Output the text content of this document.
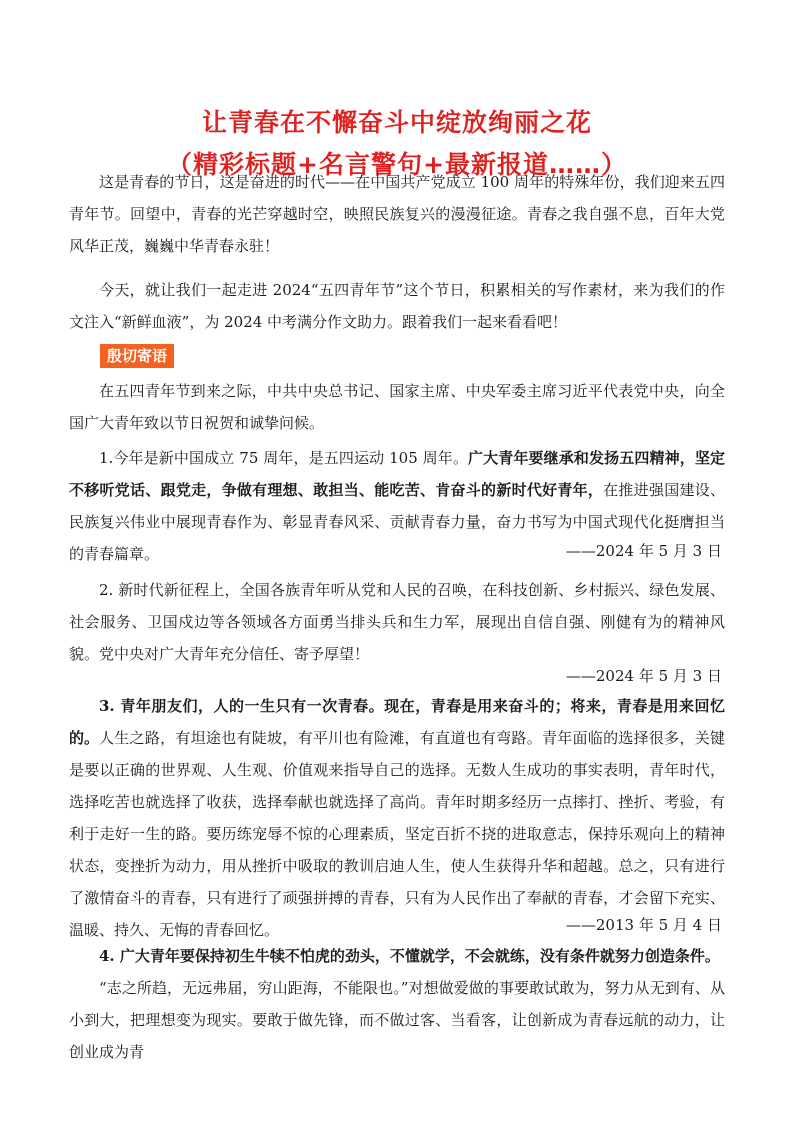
让青春在不懈奋斗中绽放绚丽之花
（精彩标题+名言警句+最新报道……）

这是青春的节日，这是奋进的时代——在中国共产党成立 100 周年的特殊年份，我们迎来五四青年节。回望中，青春的光芒穿越时空，映照民族复兴的漫漫征途。青春之我自强不息，百年大党风华正茂，巍巍中华青春永驻！

今天，就让我们一起走进 2024“五四青年节”这个节日，积累相关的写作素材，来为我们的作文注入“新鲜血液”，为 2024 中考满分作文助力。跟着我们一起来看看吧！

殷切寄语

在五四青年节到来之际，中共中央总书记、国家主席、中央军委主席习近平代表党中央，向全国广大青年致以节日祝贺和诚挚问候。

1.今年是新中国成立 75 周年，是五四运动 105 周年。广大青年要继承和发扬五四精神，坚定不移听党话、跟党走，争做有理想、敢担当、能吃苦、肯奋斗的新时代好青年，在推进强国建设、民族复兴伟业中展现青春作为、彰显青春风采、贡献青春力量，奋力书写为中国式现代化挺膺担当的青春篇章。	——2024 年 5 月 3 日

2. 新时代新征程上，全国各族青年听从党和人民的召唤，在科技创新、乡村振兴、绿色发展、社会服务、卫国戍边等各领域各方面勇当排头兵和生力军，展现出自信自强、刚健有为的精神风貌。党中央对广大青年充分信任、寄予厚望！

——2024 年 5 月 3 日

3. 青年朋友们，人的一生只有一次青春。现在，青春是用来奋斗的；将来，青春是用来回忆的。 人生之路，有坦途也有陡坡，有平川也有险滩，有直道也有弯路。青年面临的选择很多，关键是要以正确的世界观、人生观、价值观来指导自己的选择。无数人生成功的事实表明，青年时代，选择吃苦也就选择了收获，选择奉献也就选择了高尚。青年时期多经历一点摔打、挫折、考验，有利于走好一生的路。要历练宠辱不惊的心理素质，坚定百折不挠的进取意志，保持乐观向上的精神状态，变挫折为动力，用从挫折中吸取的教训启迪人生，使人生获得升华和超越。总之，只有进行了激情奋斗的青春，只有进行了顽强拼搏的青春，只有为人民作出了奉献的青春，才会留下充实、温暖、持久、无悔的青春回忆。	——2013 年 5 月 4 日

4. 广大青年要保持初生牛犊不怕虎的劲头，不懂就学，不会就练，没有条件就努力创造条件。

“志之所趋，无远弗届，穷山距海，不能限也。”对想做爱做的事要敢试敢为，努力从无到有、从小到大，把理想变为现实。要敢于做先锋，而不做过客、当看客，让创新成为青春远航的动力，让创业成为青
